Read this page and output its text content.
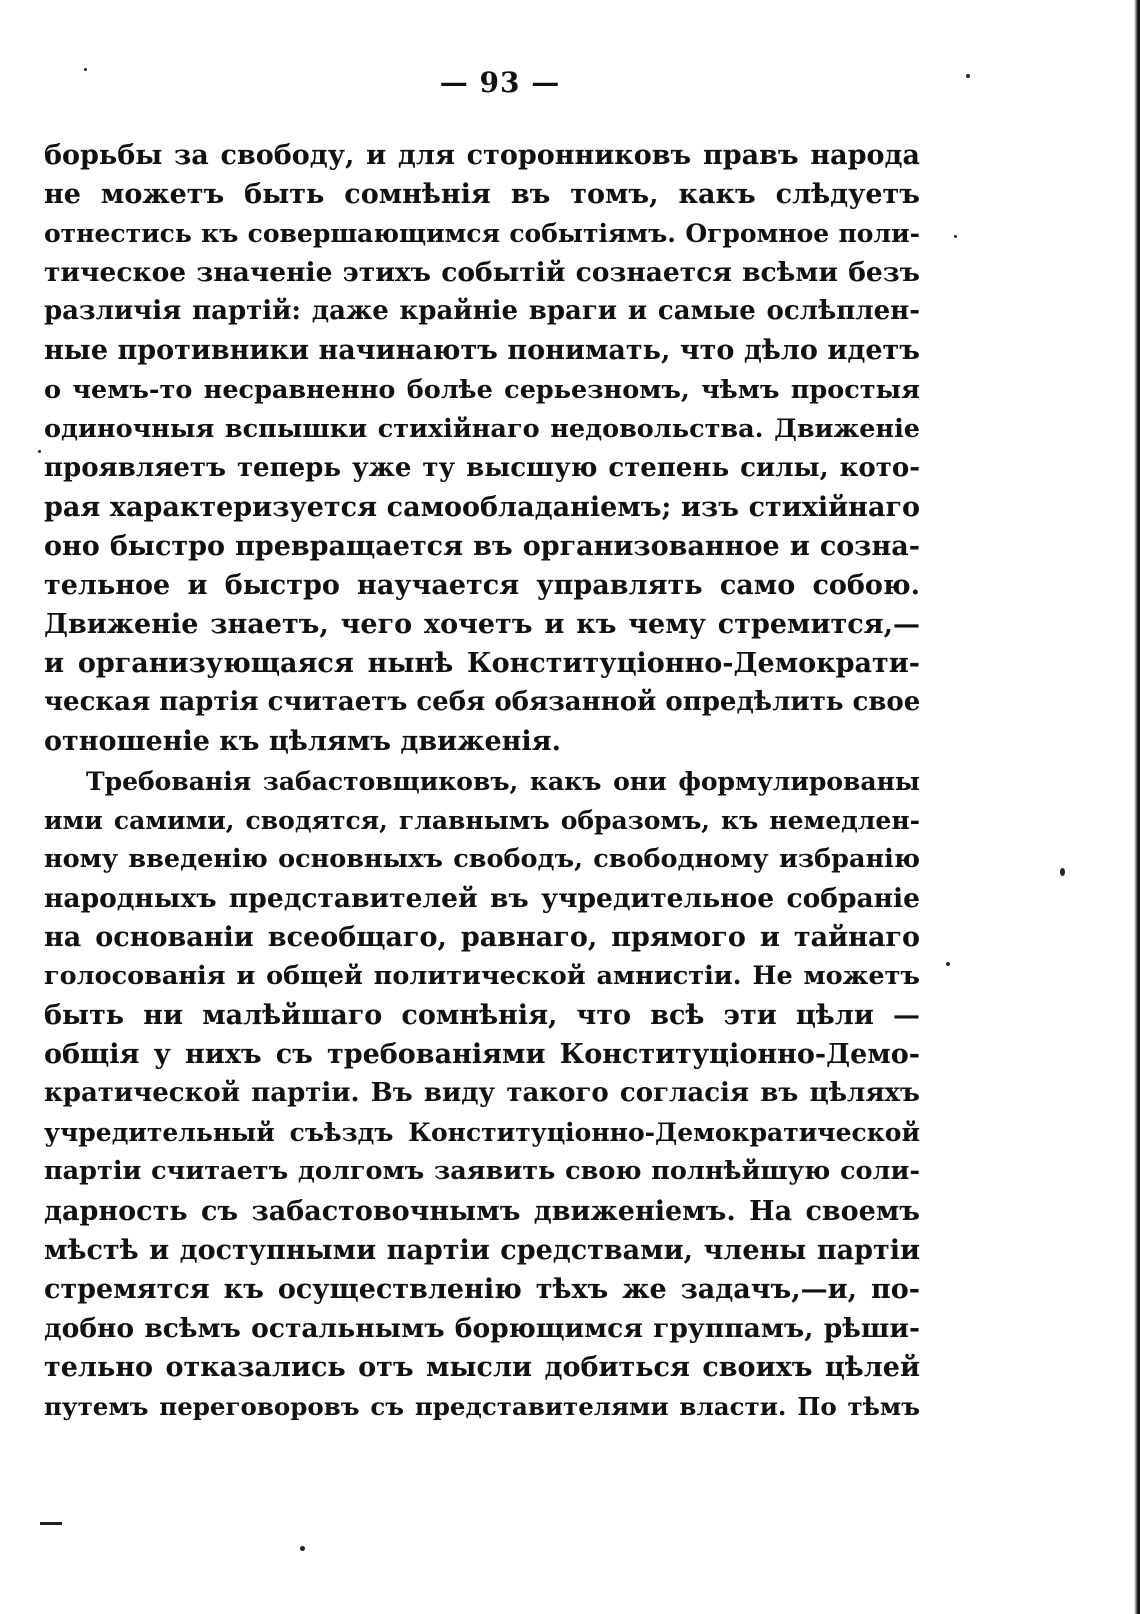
— 93 —
борьбы за свободу, и для сторонниковъ правъ народа
не можетъ быть сомнѣнія въ томъ, какъ слѣдуетъ
отнестись къ совершающимся событіямъ. Огромное поли-
тическое значеніе этихъ событій сознается всѣми безъ
различія партій: даже крайніе враги и самые ослѣплен-
ные противники начинаютъ понимать, что дѣло идетъ
о чемъ-то несравненно болѣе серьезномъ, чѣмъ простыя
одиночныя вспышки стихійнаго недовольства. Движеніе
проявляетъ теперь уже ту высшую степень силы, кото-
рая характеризуется самообладаніемъ; изъ стихійнаго
оно быстро превращается въ организованное и созна-
тельное и быстро научается управлять само собою.
Движеніе знаетъ, чего хочетъ и къ чему стремится,—
и организующаяся нынѣ Конституціонно-Демократи-
ческая партія считаетъ себя обязанной опредѣлить свое
отношеніе къ цѣлямъ движенія.
Требованія забастовщиковъ, какъ они формулированы
ими самими, сводятся, главнымъ образомъ, къ немедлен-
ному введенію основныхъ свободъ, свободному избранію
народныхъ представителей въ учредительное собраніе
на основаніи всеобщаго, равнаго, прямого и тайнаго
голосованія и общей политической амнистіи. Не можетъ
быть ни малѣйшаго сомнѣнія, что всѣ эти цѣли —
общія у нихъ съ требованіями Конституціонно-Демо-
кратической партіи. Въ виду такого согласія въ цѣляхъ
учредительный съѣздъ Конституціонно-Демократической
партіи считаетъ долгомъ заявить свою полнѣйшую соли-
дарность съ забастовочнымъ движеніемъ. На своемъ
мѣстѣ и доступными партіи средствами, члены партіи
стремятся къ осуществленію тѣхъ же задачъ,—и, по-
добно всѣмъ остальнымъ борющимся группамъ, рѣши-
тельно отказались отъ мысли добиться своихъ цѣлей
путемъ переговоровъ съ представителями власти. По тѣмъ
